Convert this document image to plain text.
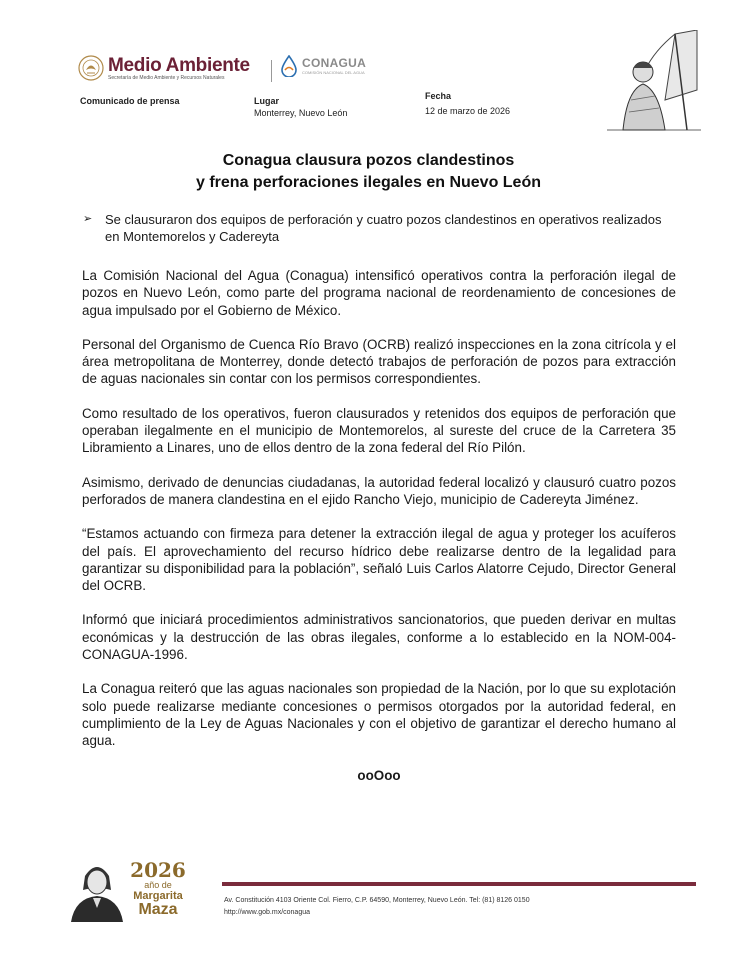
Medio Ambiente
Secretaría de Medio Ambiente y Recursos Naturales
CONAGUA
COMISIÓN NACIONAL DEL AGUA
Comunicado de prensa	Lugar
Monterrey, Nuevo León
Fecha
12 de marzo de 2026
Conagua clausura pozos clandestinos
y frena perforaciones ilegales en Nuevo León
➢ Se clausuraron dos equipos de perforación y cuatro pozos clandestinos en operativos realizados en Montemorelos y Cadereyta

La Comisión Nacional del Agua (Conagua) intensificó operativos contra la perforación ilegal de pozos en Nuevo León, como parte del programa nacional de reordenamiento de concesiones de agua impulsado por el Gobierno de México.

Personal del Organismo de Cuenca Río Bravo (OCRB) realizó inspecciones en la zona citrícola y el área metropolitana de Monterrey, donde detectó trabajos de perforación de pozos para extracción de aguas nacionales sin contar con los permisos correspondientes.

Como resultado de los operativos, fueron clausurados y retenidos dos equipos de perforación que operaban ilegalmente en el municipio de Montemorelos, al sureste del cruce de la Carretera 35 Libramiento a Linares, uno de ellos dentro de la zona federal del Río Pilón.

Asimismo, derivado de denuncias ciudadanas, la autoridad federal localizó y clausuró cuatro pozos perforados de manera clandestina en el ejido Rancho Viejo, municipio de Cadereyta Jiménez.

“Estamos actuando con firmeza para detener la extracción ilegal de agua y proteger los acuíferos del país. El aprovechamiento del recurso hídrico debe realizarse dentro de la legalidad para garantizar su disponibilidad para la población”, señaló Luis Carlos Alatorre Cejudo, Director General del OCRB.

Informó que iniciará procedimientos administrativos sancionatorios, que pueden derivar en multas económicas y la destrucción de las obras ilegales, conforme a lo establecido en la NOM-004-CONAGUA-1996.

La Conagua reiteró que las aguas nacionales son propiedad de la Nación, por lo que su explotación solo puede realizarse mediante concesiones o permisos otorgados por la autoridad federal, en cumplimiento de la Ley de Aguas Nacionales y con el objetivo de garantizar el derecho humano al agua.

ooOoo

2026
año de
Margarita
Maza
Av. Constitución 4103 Oriente Col. Fierro, C.P. 64590, Monterrey, Nuevo León. Tel: (81) 8126 0150
http://www.gob.mx/conagua
